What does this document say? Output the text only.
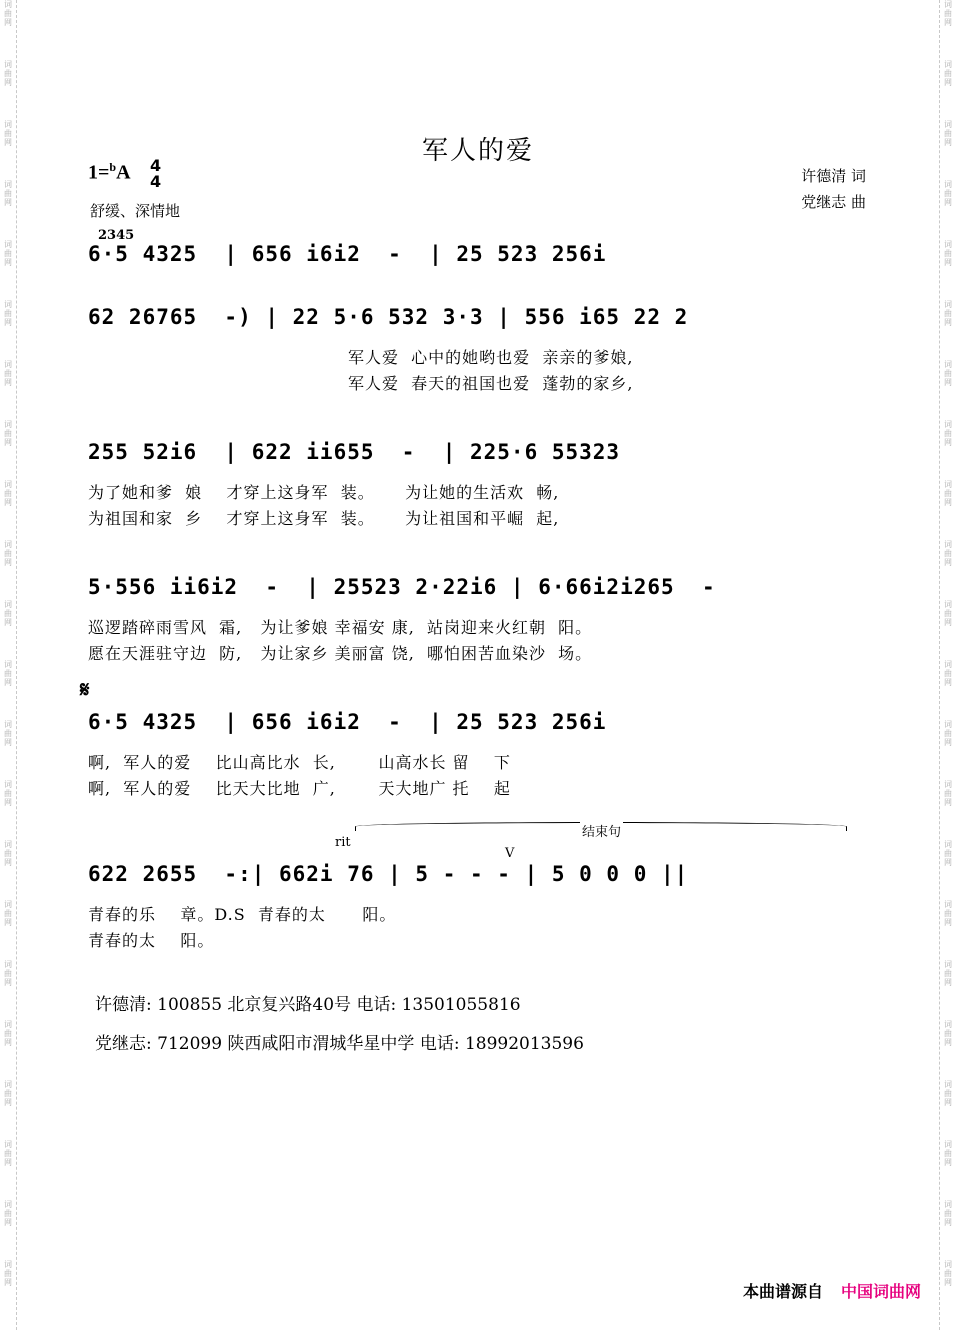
词
曲
网
词
曲
网
词
曲
网
词
曲
网
词
曲
网
词
曲
网
词
曲
网
词
曲
网
词
曲
网
词
曲
网
词
曲
网
词
曲
网
词
曲
网
词
曲
网
词
曲
网
词
曲
网
词
曲
网
词
曲
网
词
曲
网
词
曲
网
词
曲
网
词
曲
网
词
曲
网
词
曲
网
词
曲
网
词
曲
网
词
曲
网
词
曲
网
词
曲
网
词
曲
网
词
曲
网
词
曲
网
词
曲
网
词
曲
网
词
曲
网
词
曲
网
词
曲
网
词
曲
网
词
曲
网
词
曲
网
词
曲
网
词
曲
网
词
曲
网
词
曲
网
军人的爱
1=$^b$A 4
4
舒缓、深情地
许德清 词
党继志 曲
2345
6·5 4325  | 656 i6i2  -  | 25 523 256i
62 26765  -) | 22 5·6 532 3·3 | 556 i65 22 2
军人爱  心中的她哟也爱  亲亲的爹娘,
军人爱  春天的祖国也爱  蓬勃的家乡,
255 52i6  | 622 ii655  -  | 225·6 55323
为了她和爹  娘    才穿上这身军  装。     为让她的生活欢  畅,
为祖国和家  乡    才穿上这身军  装。     为让祖国和平崛  起,
5·556 ii6i2  -  | 25523 2·22i6 | 6·66i2i265  -
巡逻踏碎雨雪风  霜,   为让爹娘 幸福安 康,  站岗迎来火红朝  阳。
愿在天涯驻守边  防,   为让家乡 美丽富 饶,  哪怕困苦血染沙  场。
𝄋
6·5 4325  | 656 i6i2  -  | 25 523 256i
啊,  军人的爱    比山高比水  长,       山高水长 留    下
啊,  军人的爱    比天大比地  广,       天大地广 托    起
rit
结束句
V
622 2655  -:| 662i 76 | 5 - - - | 5 0 0 0 ||
青春的乐    章。D.S  青春的太      阳。
青春的太    阳。
许德清: 100855 北京复兴路40号 电话: 13501055816
党继志: 712099 陕西咸阳市渭城华星中学 电话: 18992013596
本曲谱源自 中国词曲网
